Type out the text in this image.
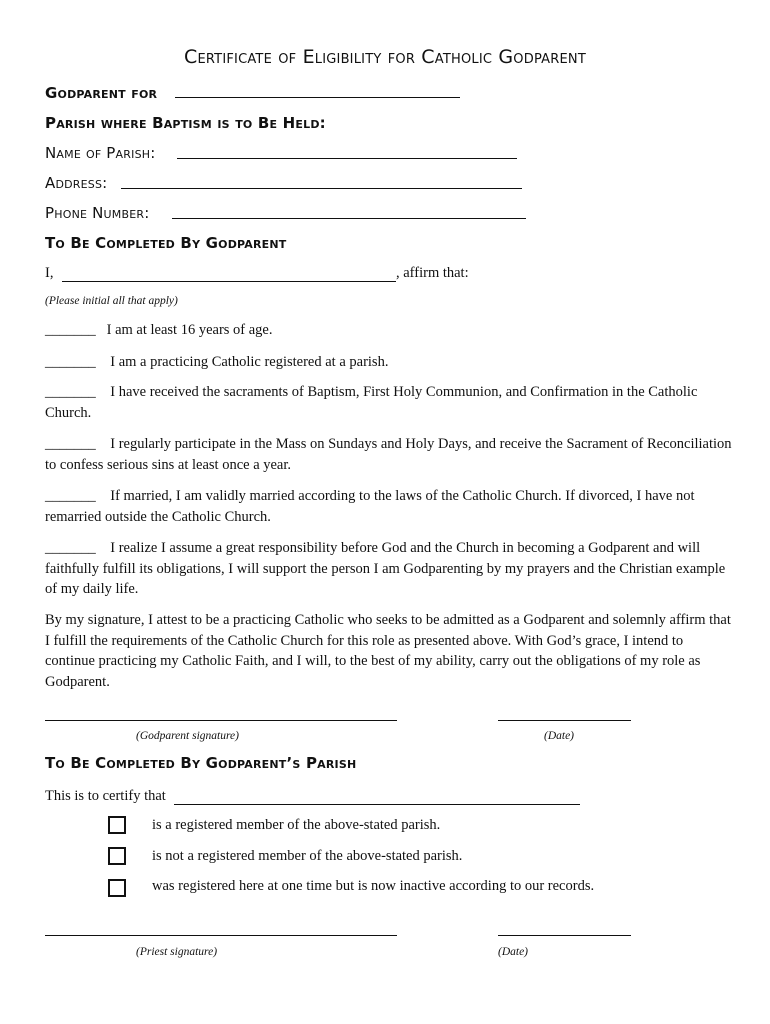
Certificate of Eligibility for Catholic Godparent
Godparent for
Parish where Baptism is to Be Held:
Name of Parish:
Address:
Phone Number:
To Be Completed By Godparent
I,	, affirm that:
(Please initial all that apply)
_______ I am at least 16 years of age.
_______ I am a practicing Catholic registered at a parish.
_______ I have received the sacraments of Baptism, First Holy Communion, and Confirmation in the Catholic Church.
_______ I regularly participate in the Mass on Sundays and Holy Days, and receive the Sacrament of Reconciliation to confess serious sins at least once a year.
_______ If married, I am validly married according to the laws of the Catholic Church. If divorced, I have not remarried outside the Catholic Church.
_______ I realize I assume a great responsibility before God and the Church in becoming a Godparent and will faithfully fulfill its obligations, I will support the person I am Godparenting by my prayers and the Christian example of my daily life.
By my signature, I attest to be a practicing Catholic who seeks to be admitted as a Godparent and solemnly affirm that I fulfill the requirements of the Catholic Church for this role as presented above. With God’s grace, I intend to continue practicing my Catholic Faith, and I will, to the best of my ability, carry out the obligations of my role as Godparent.
(Godparent signature)	(Date)
To Be Completed By Godparent’s Parish
This is to certify that
is a registered member of the above-stated parish.
is not a registered member of the above-stated parish.
was registered here at one time but is now inactive according to our records.
(Priest signature)	(Date)
